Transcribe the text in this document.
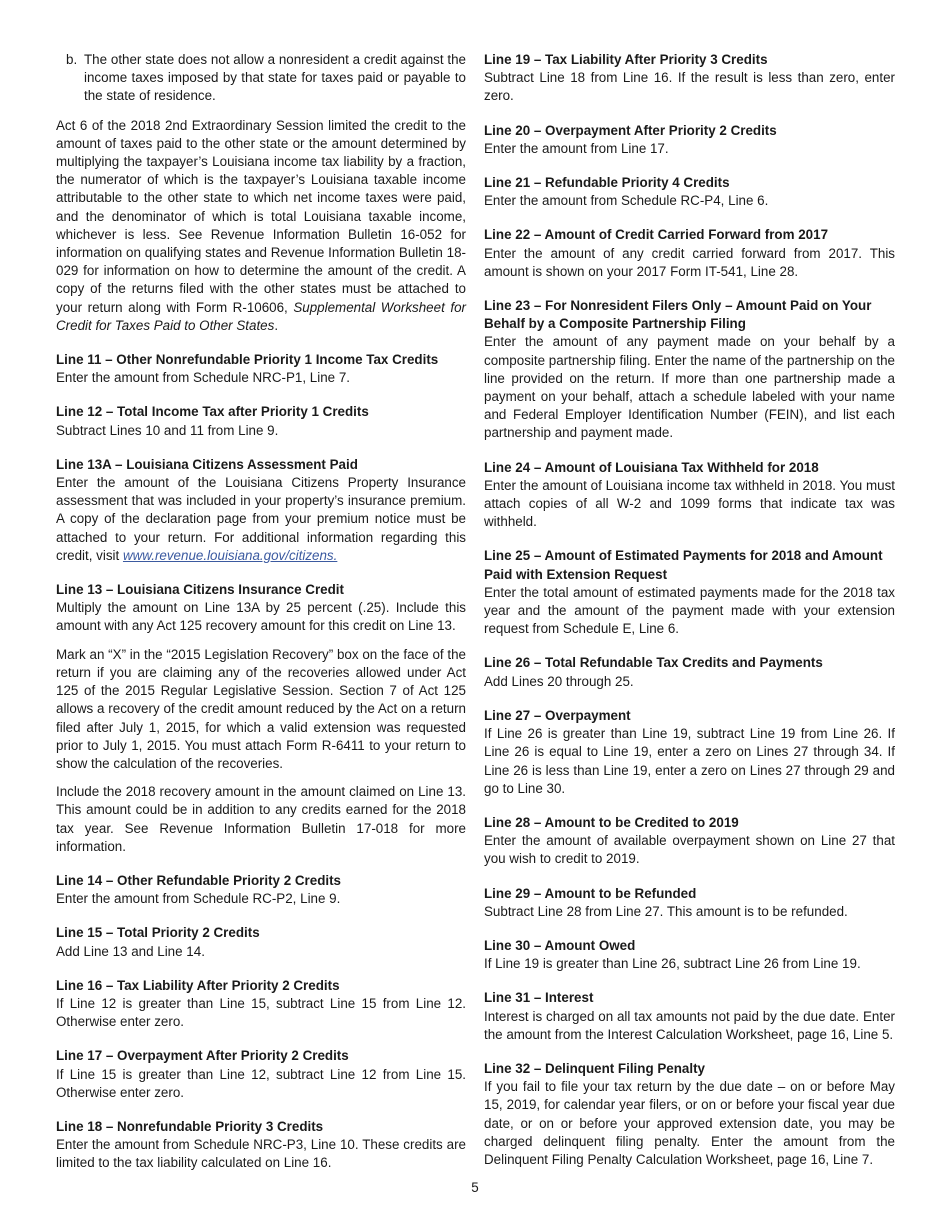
b. The other state does not allow a nonresident a credit against the income taxes imposed by that state for taxes paid or payable to the state of residence.

Act 6 of the 2018 2nd Extraordinary Session limited the credit to the amount of taxes paid to the other state or the amount determined by multiplying the taxpayer’s Louisiana income tax liability by a fraction, the numerator of which is the taxpayer’s Louisiana taxable income attributable to the other state to which net income taxes were paid, and the denominator of which is total Louisiana taxable income, whichever is less. See Revenue Information Bulletin 16-052 for information on qualifying states and Revenue Information Bulletin 18-029 for information on how to determine the amount of the credit. A copy of the returns filed with the other states must be attached to your return along with Form R-10606, Supplemental Worksheet for Credit for Taxes Paid to Other States.

Line 11 – Other Nonrefundable Priority 1 Income Tax Credits
Enter the amount from Schedule NRC-P1, Line 7.
Line 12 – Total Income Tax after Priority 1 Credits
Subtract Lines 10 and 11 from Line 9.
Line 13A – Louisiana Citizens Assessment Paid
Enter the amount of the Louisiana Citizens Property Insurance assessment that was included in your property’s insurance premium. A copy of the declaration page from your premium notice must be attached to your return. For additional information regarding this credit, visit www.revenue.louisiana.gov/citizens.
Line 13 – Louisiana Citizens Insurance Credit
Multiply the amount on Line 13A by 25 percent (.25). Include this amount with any Act 125 recovery amount for this credit on Line 13.

Mark an “X” in the “2015 Legislation Recovery” box on the face of the return if you are claiming any of the recoveries allowed under Act 125 of the 2015 Regular Legislative Session. Section 7 of Act 125 allows a recovery of the credit amount reduced by the Act on a return filed after July 1, 2015, for which a valid extension was requested prior to July 1, 2015. You must attach Form R-6411 to your return to show the calculation of the recoveries.

Include the 2018 recovery amount in the amount claimed on Line 13. This amount could be in addition to any credits earned for the 2018 tax year. See Revenue Information Bulletin 17-018 for more information.

Line 14 – Other Refundable Priority 2 Credits
Enter the amount from Schedule RC-P2, Line 9.
Line 15 – Total Priority 2 Credits
Add Line 13 and Line 14.
Line 16 – Tax Liability After Priority 2 Credits
If Line 12 is greater than Line 15, subtract Line 15 from Line 12. Otherwise enter zero.
Line 17 – Overpayment After Priority 2 Credits
If Line 15 is greater than Line 12, subtract Line 12 from Line 15. Otherwise enter zero.
Line 18 – Nonrefundable Priority 3 Credits
Enter the amount from Schedule NRC-P3, Line 10. These credits are limited to the tax liability calculated on Line 16.
Line 19 – Tax Liability After Priority 3 Credits
Subtract Line 18 from Line 16. If the result is less than zero, enter zero.
Line 20 – Overpayment After Priority 2 Credits
Enter the amount from Line 17.
Line 21 – Refundable Priority 4 Credits
Enter the amount from Schedule RC-P4, Line 6.
Line 22 – Amount of Credit Carried Forward from 2017
Enter the amount of any credit carried forward from 2017. This amount is shown on your 2017 Form IT-541, Line 28.
Line 23 – For Nonresident Filers Only – Amount Paid on Your Behalf by a Composite Partnership Filing
Enter the amount of any payment made on your behalf by a composite partnership filing. Enter the name of the partnership on the line provided on the return. If more than one partnership made a payment on your behalf, attach a schedule labeled with your name and Federal Employer Identification Number (FEIN), and list each partnership and payment made.
Line 24 – Amount of Louisiana Tax Withheld for 2018
Enter the amount of Louisiana income tax withheld in 2018. You must attach copies of all W-2 and 1099 forms that indicate tax was withheld.
Line 25 – Amount of Estimated Payments for 2018 and Amount Paid with Extension Request
Enter the total amount of estimated payments made for the 2018 tax year and the amount of the payment made with your extension request from Schedule E, Line 6.
Line 26 – Total Refundable Tax Credits and Payments
Add Lines 20 through 25.
Line 27 – Overpayment
If Line 26 is greater than Line 19, subtract Line 19 from Line 26. If Line 26 is equal to Line 19, enter a zero on Lines 27 through 34. If Line 26 is less than Line 19, enter a zero on Lines 27 through 29 and go to Line 30.
Line 28 – Amount to be Credited to 2019
Enter the amount of available overpayment shown on Line 27 that you wish to credit to 2019.
Line 29 – Amount to be Refunded
Subtract Line 28 from Line 27. This amount is to be refunded.
Line 30 – Amount Owed
If Line 19 is greater than Line 26, subtract Line 26 from Line 19.
Line 31 – Interest
Interest is charged on all tax amounts not paid by the due date. Enter the amount from the Interest Calculation Worksheet, page 16, Line 5.
Line 32 – Delinquent Filing Penalty
If you fail to file your tax return by the due date – on or before May 15, 2019, for calendar year filers, or on or before your fiscal year due date, or on or before your approved extension date, you may be charged delinquent filing penalty. Enter the amount from the Delinquent Filing Penalty Calculation Worksheet, page 16, Line 7.
5
